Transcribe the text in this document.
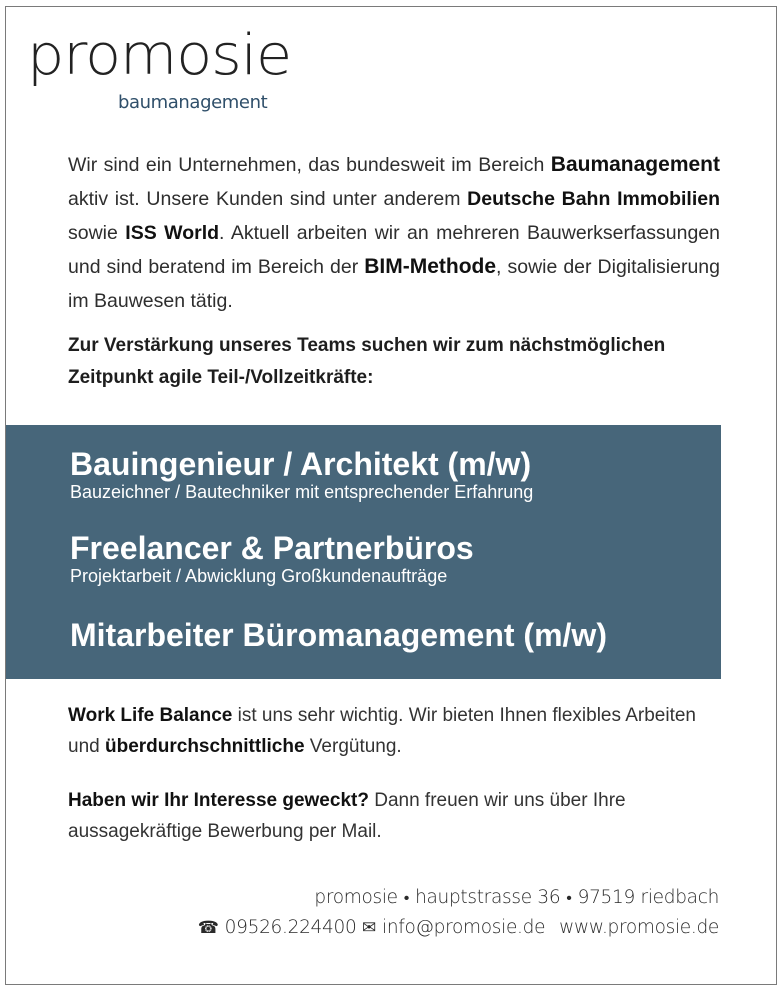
promosie
baumanagement
Wir sind ein Unternehmen, das bundesweit im Bereich Baumanagement aktiv ist. Unsere Kunden sind unter anderem Deutsche Bahn Immobilien sowie ISS World. Aktuell arbeiten wir an mehreren Bauwerkserfassungen und sind beratend im Bereich der BIM-Methode, sowie der Digitalisierung im Bauwesen tätig.
Zur Verstärkung unseres Teams suchen wir zum nächstmöglichen Zeitpunkt agile Teil-/Vollzeitkräfte:
Bauingenieur / Architekt (m/w)
Bauzeichner / Bautechniker mit entsprechender Erfahrung
Freelancer & Partnerbüros
Projektarbeit / Abwicklung Großkundenaufträge
Mitarbeiter Büromanagement (m/w)
Work Life Balance ist uns sehr wichtig. Wir bieten Ihnen flexibles Arbeiten und überdurchschnittliche Vergütung.
Haben wir Ihr Interesse geweckt? Dann freuen wir uns über Ihre aussagekräftige Bewerbung per Mail.
promosie • hauptstrasse 36 • 97519 riedbach
☎ 09526.224400 ✉ info@promosie.de www.promosie.de
